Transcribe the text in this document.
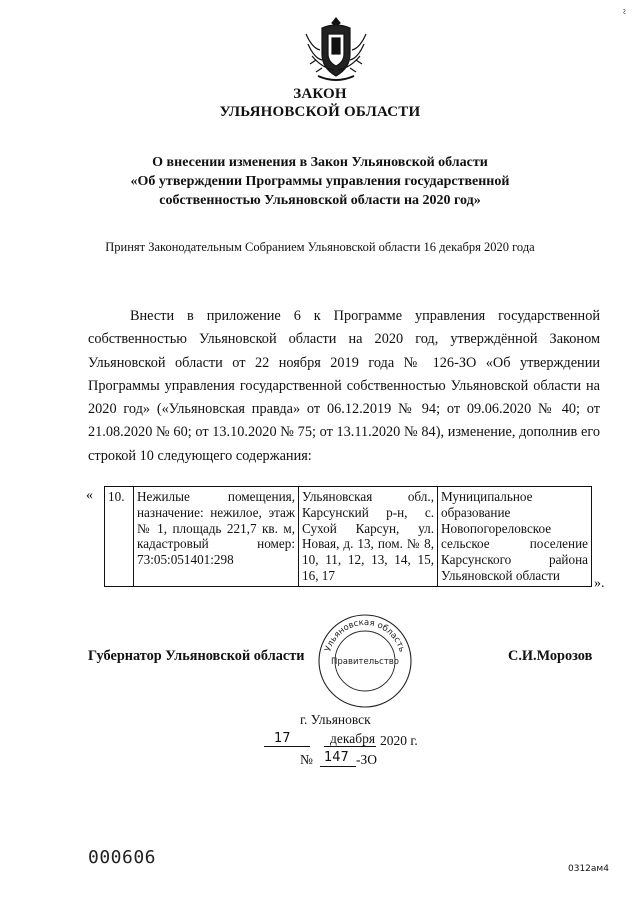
~
ЗАКОН
УЛЬЯНОВСКОЙ ОБЛАСТИ
О внесении изменения в Закон Ульяновской области
«Об утверждении Программы управления государственной
собственностью Ульяновской области на 2020 год»
Принят Законодательным Собранием Ульяновской области 16 декабря 2020 года
Внести в приложение 6 к Программе управления государственной собственностью Ульяновской области на 2020 год, утверждённой Законом Ульяновской области от 22 ноября 2019 года № 126-ЗО «Об утверждении Программы управления государственной собственностью Ульяновской области на 2020 год» («Ульяновская правда» от 06.12.2019 № 94; от 09.06.2020 № 40; от 21.08.2020 № 60; от 13.10.2020 № 75; от 13.11.2020 № 84), изменение, дополнив его строкой 10 следующего содержания:
« 10.	Нежилые помещения, назначение: нежилое, этаж № 1, площадь 221,7 кв. м, кадастровый номер: 73:05:051401:298	Ульяновская обл., Карсунский р-н, с. Сухой Карсун, ул. Новая, д. 13, пом. № 8, 10, 11, 12, 13, 14, 15, 16, 17	Муниципальное образование Новопогореловское сельское поселение Карсунского района Ульяновской области
».
Губернатор Ульяновской области	С.И.Морозов
Ульяновская область
Правительство
г. Ульяновск
17	декабря 2020 г.
№ 147 -ЗО
000606
0312ам4
